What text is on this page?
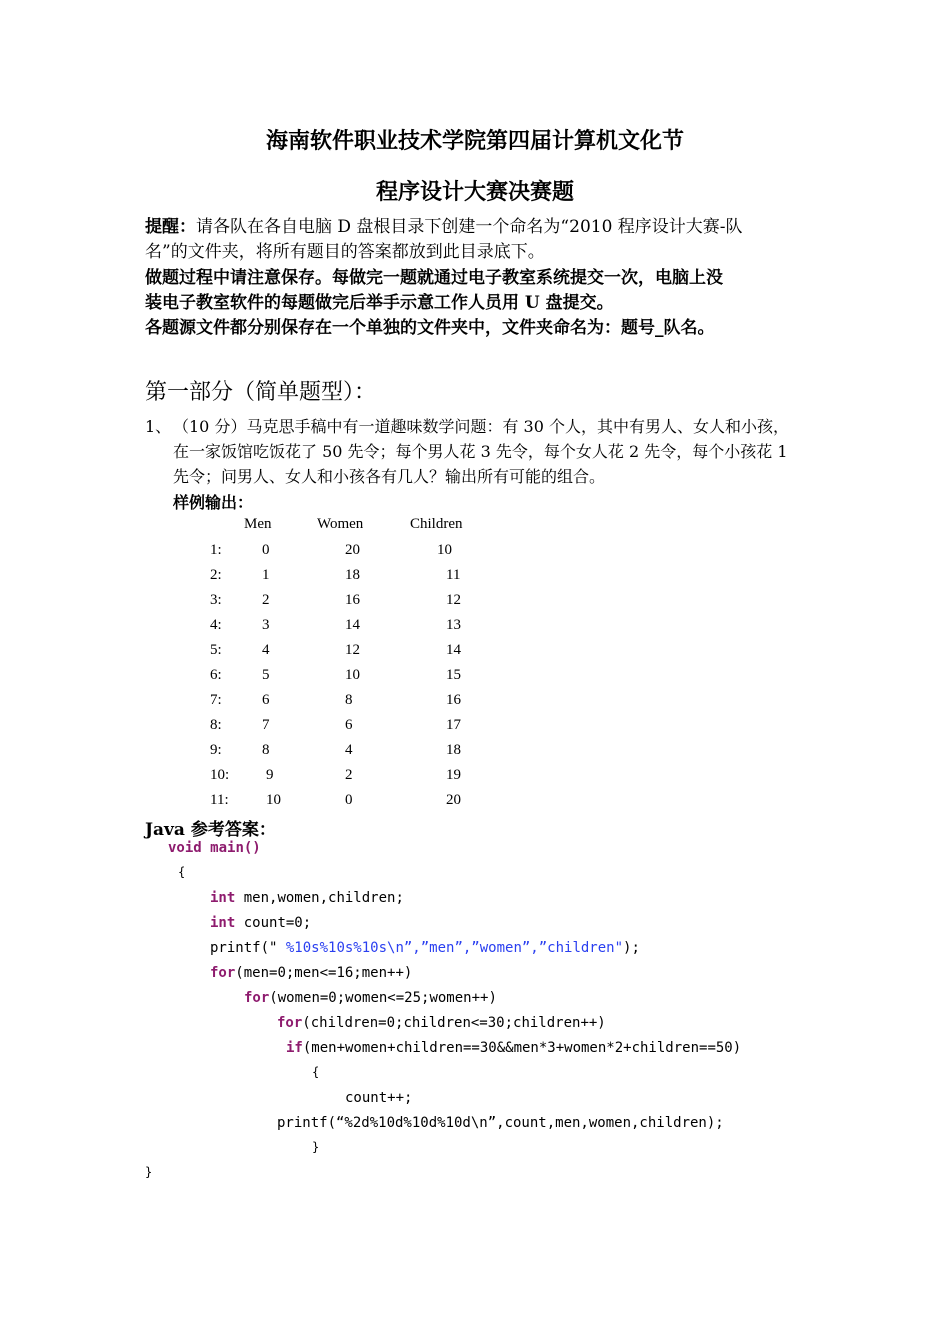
海南软件职业技术学院第四届计算机文化节
程序设计大赛决赛题
提醒：请各队在各自电脑 D 盘根目录下创建一个命名为“2010 程序设计大赛-队
名”的文件夹，将所有题目的答案都放到此目录底下。
做题过程中请注意保存。每做完一题就通过电子教室系统提交一次，电脑上没
装电子教室软件的每题做完后举手示意工作人员用 U 盘提交。
各题源文件都分别保存在一个单独的文件夹中，文件夹命名为：题号_队名。
第一部分（简单题型）：
1、 （10 分）马克思手稿中有一道趣味数学问题：有 30 个人，其中有男人、女人和小孩，
在一家饭馆吃饭花了 50 先令；每个男人花 3 先令，每个女人花 2 先令，每个小孩花 1
先令；问男人、女人和小孩各有几人？输出所有可能的组合。
样例输出：
Men	Women	Children
1:	0	20	10
2:	1	18	11
3:	2	16	12
4:	3	14	13
5:	4	12	14
6:	5	10	15
7:	6	8	16
8:	7	6	17
9:	8	4	18
10: 9	2	19
11: 10	0	20
Java 参考答案：
void main()
{
int men,women,children;
int count=0;
printf(" %10s%10s%10s\n”,”men”,”women”,”children");
for(men=0;men<=16;men++)
for(women=0;women<=25;women++)
for(children=0;children<=30;children++)
if(men+women+children==30&&men*3+women*2+children==50)
{
count++;
printf(“%2d%10d%10d%10d\n”,count,men,women,children);
}
}
